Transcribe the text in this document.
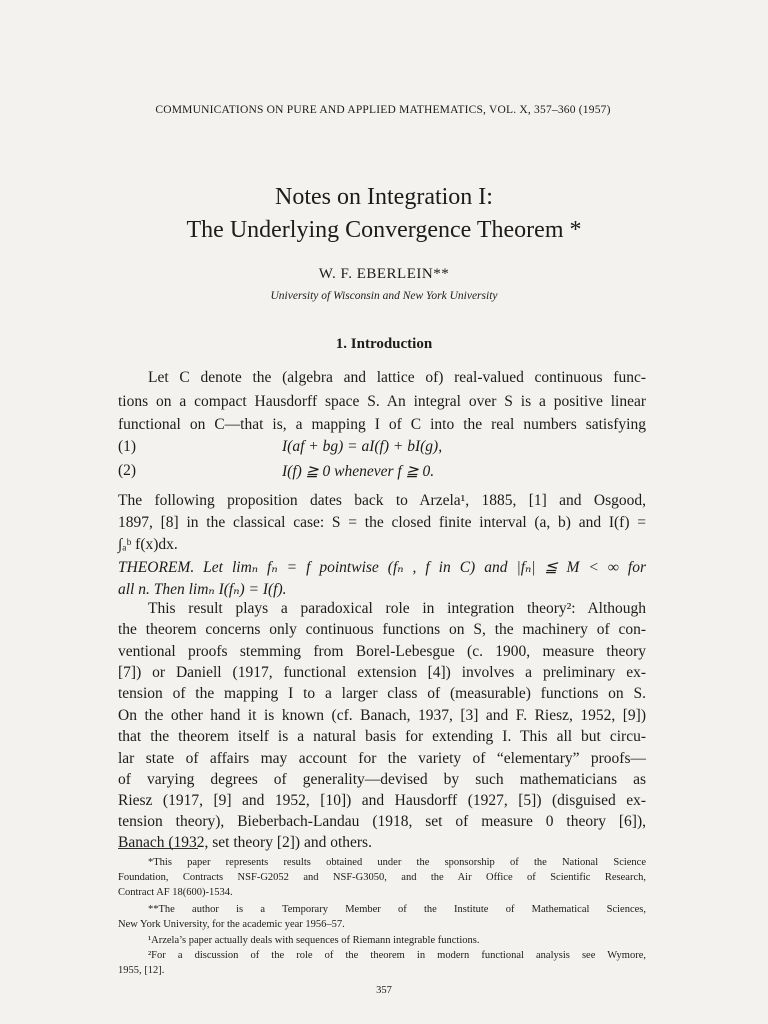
COMMUNICATIONS ON PURE AND APPLIED MATHEMATICS, VOL. X, 357–360 (1957)
Notes on Integration I:
The Underlying Convergence Theorem *
W. F. EBERLEIN**
University of Wisconsin and New York University
1. Introduction
Let C denote the (algebra and lattice of) real-valued continuous func-
tions on a compact Hausdorff space S. An integral over S is a positive linear
functional on C—that is, a mapping I of C into the real numbers satisfying
(1)	I(af + bg) = aI(f) + bI(g),
(2)	I(f) ≧ 0 whenever f ≧ 0.
The following proposition dates back to Arzela¹, 1885, [1] and Osgood,
1897, [8] in the classical case: S = the closed finite interval (a, b) and I(f) =
∫ₐᵇ f(x)dx.
THEOREM. Let limₙ fₙ = f pointwise (fₙ , f in C) and |fₙ| ≦ M < ∞ for
all n. Then limₙ I(fₙ) = I(f).
This result plays a paradoxical role in integration theory²: Although
the theorem concerns only continuous functions on S, the machinery of con-
ventional proofs stemming from Borel-Lebesgue (c. 1900, measure theory
[7]) or Daniell (1917, functional extension [4]) involves a preliminary ex-
tension of the mapping I to a larger class of (measurable) functions on S.
On the other hand it is known (cf. Banach, 1937, [3] and F. Riesz, 1952, [9])
that the theorem itself is a natural basis for extending I. This all but circu-
lar state of affairs may account for the variety of “elementary” proofs—
of varying degrees of generality—devised by such mathematicians as
Riesz (1917, [9] and 1952, [10]) and Hausdorff (1927, [5]) (disguised ex-
tension theory), Bieberbach-Landau (1918, set of measure 0 theory [6]),
Banach (1932, set theory [2]) and others.
*This paper represents results obtained under the sponsorship of the National Science
Foundation, Contracts NSF-G2052 and NSF-G3050, and the Air Office of Scientific Research,
Contract AF 18(600)-1534.
**The author is a Temporary Member of the Institute of Mathematical Sciences,
New York University, for the academic year 1956–57.
¹Arzela’s paper actually deals with sequences of Riemann integrable functions.
²For a discussion of the role of the theorem in modern functional analysis see Wymore,
1955, [12].
357
